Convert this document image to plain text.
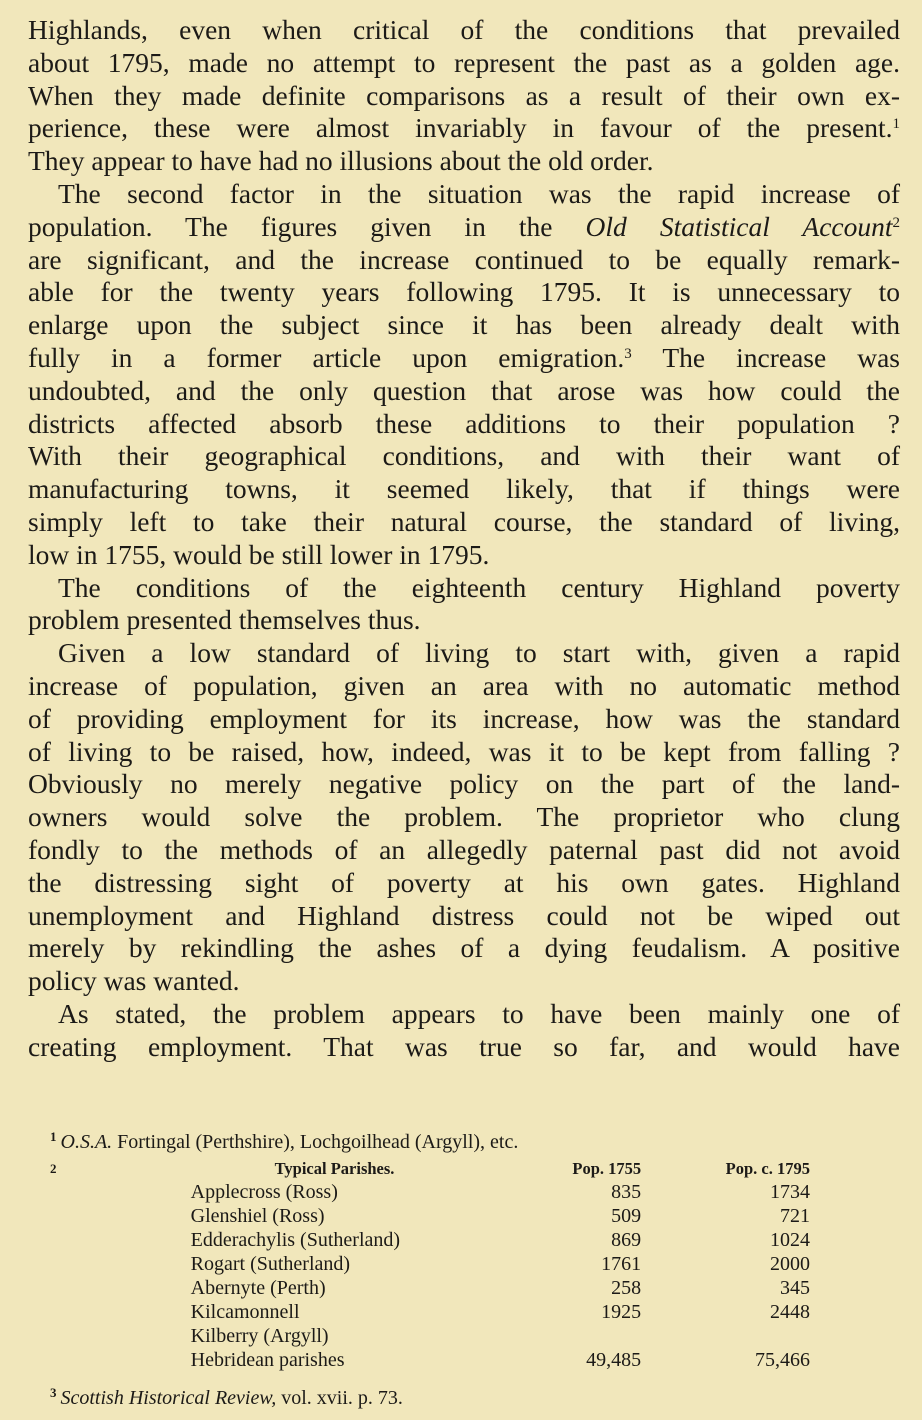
Highlands, even when critical of the conditions that prevailed
about 1795, made no attempt to represent the past as a golden age.
When they made definite comparisons as a result of their own ex-
perience, these were almost invariably in favour of the present.$^1$
They appear to have had no illusions about the old order.
The second factor in the situation was the rapid increase of
population. The figures given in the Old Statistical Account$^2$
are significant, and the increase continued to be equally remark-
able for the twenty years following 1795. It is unnecessary to
enlarge upon the subject since it has been already dealt with
fully in a former article upon emigration.$^3$ The increase was
undoubted, and the only question that arose was how could the
districts affected absorb these additions to their population ?
With their geographical conditions, and with their want of
manufacturing towns, it seemed likely, that if things were
simply left to take their natural course, the standard of living,
low in 1755, would be still lower in 1795.
The conditions of the eighteenth century Highland poverty
problem presented themselves thus.
Given a low standard of living to start with, given a rapid
increase of population, given an area with no automatic method
of providing employment for its increase, how was the standard
of living to be raised, how, indeed, was it to be kept from falling ?
Obviously no merely negative policy on the part of the land-
owners would solve the problem. The proprietor who clung
fondly to the methods of an allegedly paternal past did not avoid
the distressing sight of poverty at his own gates. Highland
unemployment and Highland distress could not be wiped out
merely by rekindling the ashes of a dying feudalism. A positive
policy was wanted.
As stated, the problem appears to have been mainly one of
creating employment. That was true so far, and would have
$^1$ O.S.A. Fortingal (Perthshire), Lochgoilhead (Argyll), etc.
2	Typical Parishes.	Pop. 1755	Pop. c. 1795
	Applecross (Ross)	835	1734
	Glenshiel (Ross)	509	721
	Edderachylis (Sutherland)	869	1024
	Rogart (Sutherland)	1761	2000
	Abernyte (Perth)	258	345
	Kilcamonnell	1925	2448
	Kilberry (Argyll)		
	Hebridean parishes	49,485	75,466
$^3$ Scottish Historical Review, vol. xvii. p. 73.
